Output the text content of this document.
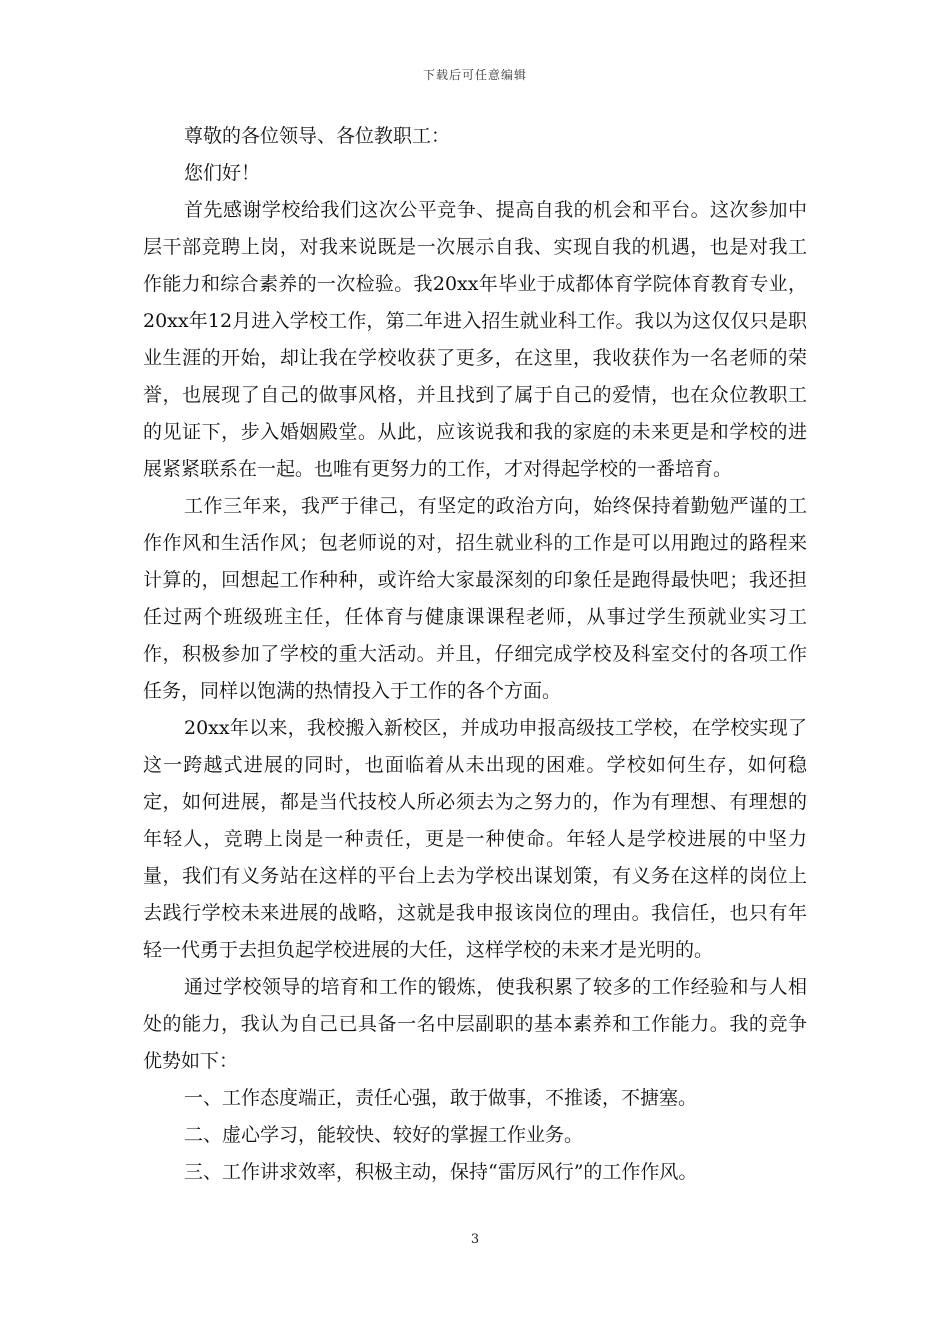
下载后可任意编辑

尊敬的各位领导、各位教职工：

您们好！

首先感谢学校给我们这次公平竞争、提高自我的机会和平台。这次参加中层干部竞聘上岗，对我来说既是一次展示自我、实现自我的机遇，也是对我工作能力和综合素养的一次检验。我20xx年毕业于成都体育学院体育教育专业，20xx年12月进入学校工作，第二年进入招生就业科工作。我以为这仅仅只是职业生涯的开始，却让我在学校收获了更多，在这里，我收获作为一名老师的荣誉，也展现了自己的做事风格，并且找到了属于自己的爱情，也在众位教职工的见证下，步入婚姻殿堂。从此，应该说我和我的家庭的未来更是和学校的进展紧紧联系在一起。也唯有更努力的工作，才对得起学校的一番培育。

工作三年来，我严于律己，有坚定的政治方向，始终保持着勤勉严谨的工作作风和生活作风；包老师说的对，招生就业科的工作是可以用跑过的路程来计算的，回想起工作种种，或许给大家最深刻的印象任是跑得最快吧；我还担任过两个班级班主任，任体育与健康课课程老师，从事过学生预就业实习工作，积极参加了学校的重大活动。并且，仔细完成学校及科室交付的各项工作任务，同样以饱满的热情投入于工作的各个方面。

20xx年以来，我校搬入新校区，并成功申报高级技工学校，在学校实现了这一跨越式进展的同时，也面临着从未出现的困难。学校如何生存，如何稳定，如何进展，都是当代技校人所必须去为之努力的，作为有理想、有理想的年轻人，竞聘上岗是一种责任，更是一种使命。年轻人是学校进展的中坚力量，我们有义务站在这样的平台上去为学校出谋划策，有义务在这样的岗位上去践行学校未来进展的战略，这就是我申报该岗位的理由。我信任，也只有年轻一代勇于去担负起学校进展的大任，这样学校的未来才是光明的。

通过学校领导的培育和工作的锻炼，使我积累了较多的工作经验和与人相处的能力，我认为自己已具备一名中层副职的基本素养和工作能力。我的竞争优势如下：

一、工作态度端正，责任心强，敢于做事，不推诿，不搪塞。

二、虚心学习，能较快、较好的掌握工作业务。

三、工作讲求效率，积极主动，保持“雷厉风行”的工作作风。

3
